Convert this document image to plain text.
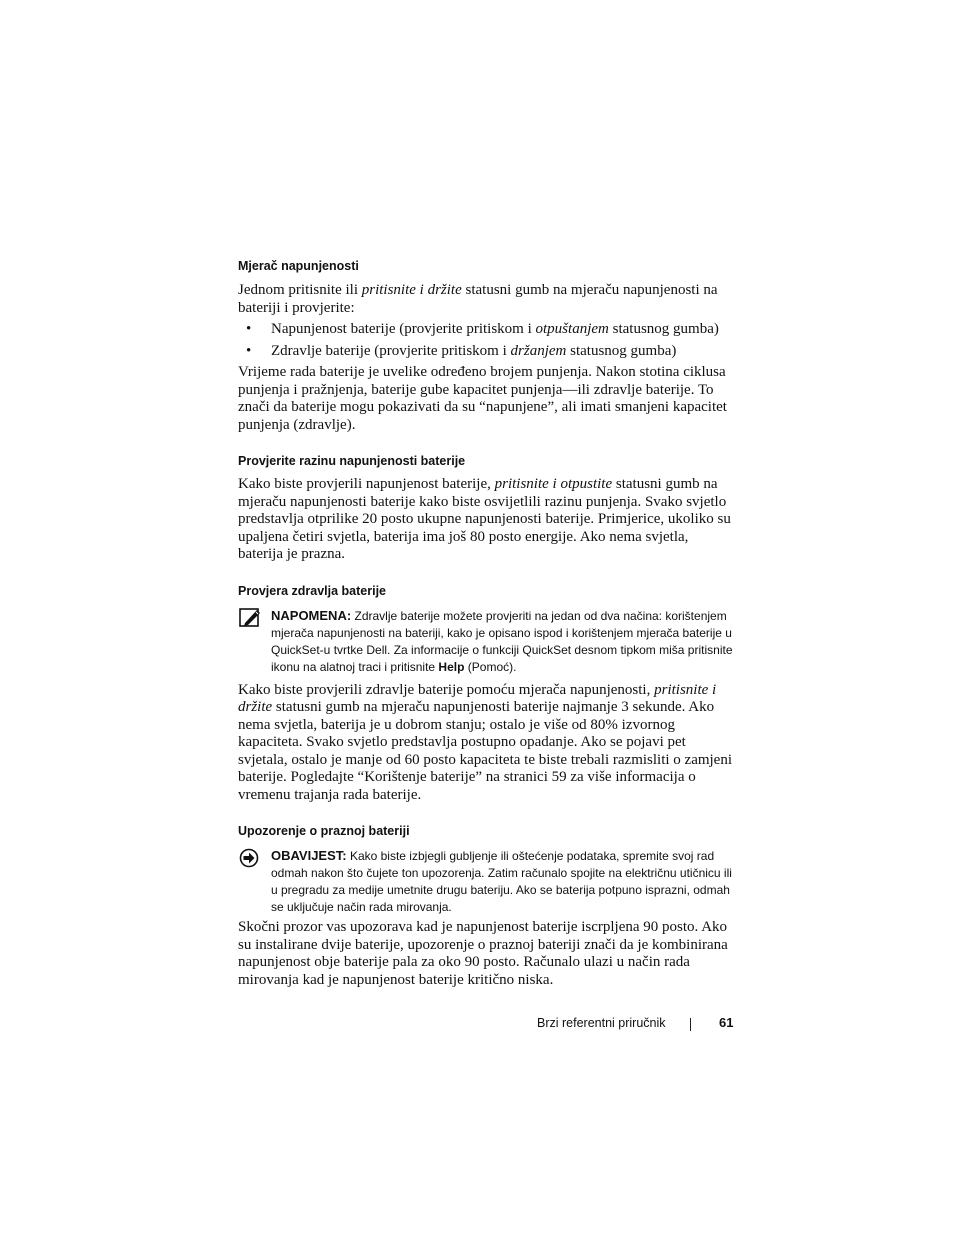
Mjerač napunjenosti

Jednom pritisnite ili pritisnite i držite statusni gumb na mjeraču napunjenosti na bateriji i provjerite:

• Napunjenost baterije (provjerite pritiskom i otpuštanjem statusnog gumba)
• Zdravlje baterije (provjerite pritiskom i držanjem statusnog gumba)

Vrijeme rada baterije je uvelike određeno brojem punjenja. Nakon stotina ciklusa punjenja i pražnjenja, baterije gube kapacitet punjenja—ili zdravlje baterije. To znači da baterije mogu pokazivati da su “napunjene”, ali imati smanjeni kapacitet punjenja (zdravlje).

Provjerite razinu napunjenosti baterije

Kako biste provjerili napunjenost baterije, pritisnite i otpustite statusni gumb na mjeraču napunjenosti baterije kako biste osvijetlili razinu punjenja. Svako svjetlo predstavlja otprilike 20 posto ukupne napunjenosti baterije. Primjerice, ukoliko su upaljena četiri svjetla, baterija ima još 80 posto energije. Ako nema svjetla, baterija je prazna.

Provjera zdravlja baterije
NAPOMENA: Zdravlje baterije možete provjeriti na jedan od dva načina: korištenjem mjerača napunjenosti na bateriji, kako je opisano ispod i korištenjem mjerača baterije u QuickSet-u tvrtke Dell. Za informacije o funkciji QuickSet desnom tipkom miša pritisnite ikonu na alatnoj traci i pritisnite Help (Pomoć).

Kako biste provjerili zdravlje baterije pomoću mjerača napunjenosti, pritisnite i držite statusni gumb na mjeraču napunjenosti baterije najmanje 3 sekunde. Ako nema svjetla, baterija je u dobrom stanju; ostalo je više od 80% izvornog kapaciteta. Svako svjetlo predstavlja postupno opadanje. Ako se pojavi pet svjetala, ostalo je manje od 60 posto kapaciteta te biste trebali razmisliti o zamjeni baterije. Pogledajte “Korištenje baterije” na stranici 59 za više informacija o vremenu trajanja rada baterije.

Upozorenje o praznoj bateriji
OBAVIJEST: Kako biste izbjegli gubljenje ili oštećenje podataka, spremite svoj rad odmah nakon što čujete ton upozorenja. Zatim računalo spojite na električnu utičnicu ili u pregradu za medije umetnite drugu bateriju. Ako se baterija potpuno isprazni, odmah se uključuje način rada mirovanja.

Skočni prozor vas upozorava kad je napunjenost baterije iscrpljena 90 posto. Ako su instalirane dvije baterije, upozorenje o praznoj bateriji znači da je kombinirana napunjenost obje baterije pala za oko 90 posto. Računalo ulazi u način rada mirovanja kad je napunjenost baterije kritično niska.

Brzi referentni priručnik	61
